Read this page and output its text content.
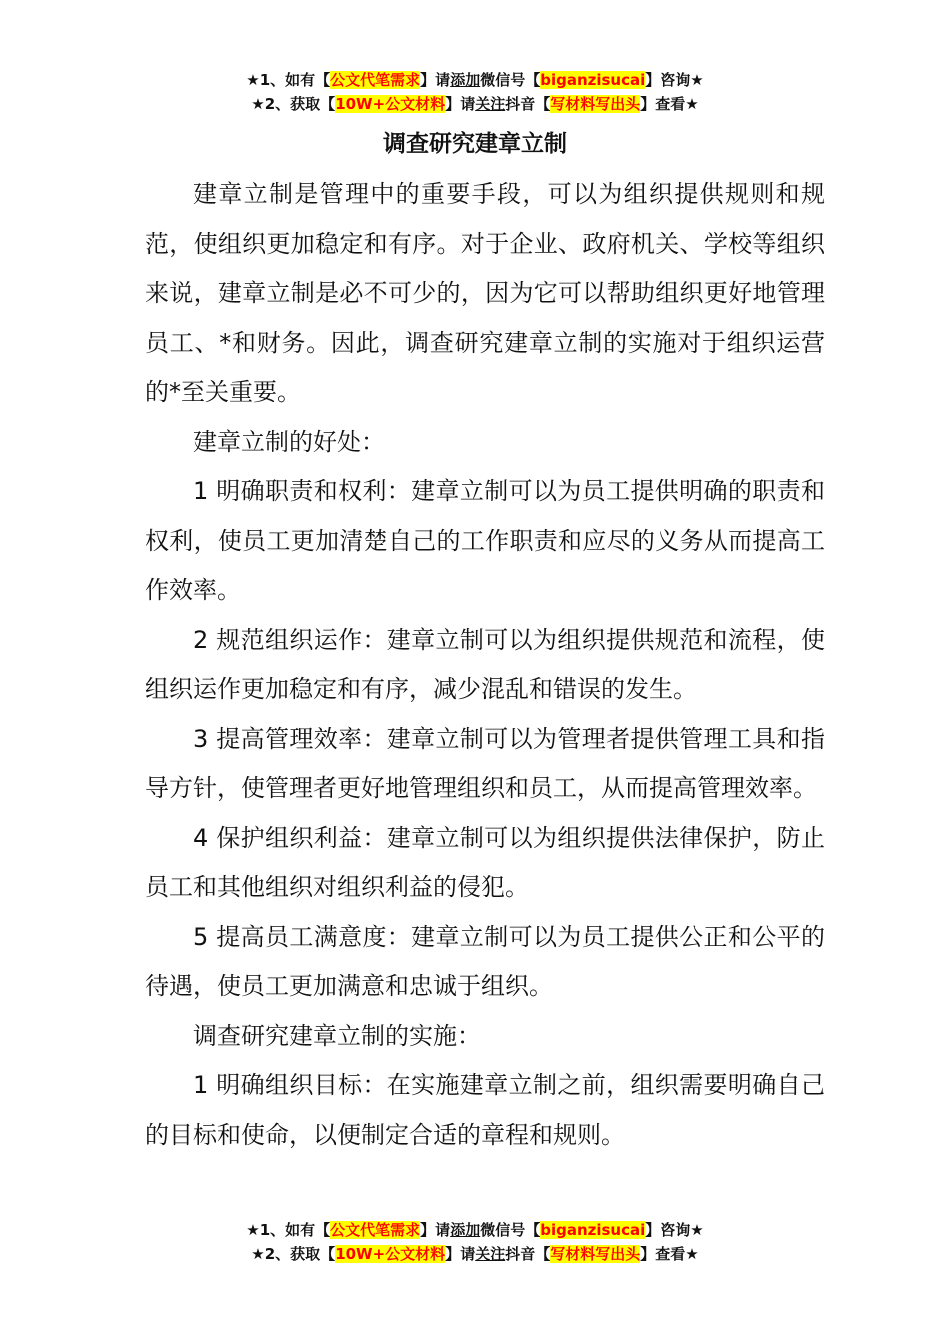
★1、如有【公文代笔需求】请添加微信号【biganzisucai】咨询★
★2、获取【10W+公文材料】请关注抖音【写材料写出头】查看★
调查研究建章立制

建章立制是管理中的重要手段，可以为组织提供规则和规范，使组织更加稳定和有序。对于企业、政府机关、学校等组织来说，建章立制是必不可少的，因为它可以帮助组织更好地管理员工、*和财务。因此，调查研究建章立制的实施对于组织运营的*至关重要。

建章立制的好处：

1 明确职责和权利：建章立制可以为员工提供明确的职责和权利，使员工更加清楚自己的工作职责和应尽的义务从而提高工作效率。

2 规范组织运作：建章立制可以为组织提供规范和流程，使组织运作更加稳定和有序，减少混乱和错误的发生。

3 提高管理效率：建章立制可以为管理者提供管理工具和指导方针，使管理者更好地管理组织和员工，从而提高管理效率。

4 保护组织利益：建章立制可以为组织提供法律保护，防止员工和其他组织对组织利益的侵犯。

5 提高员工满意度：建章立制可以为员工提供公正和公平的待遇，使员工更加满意和忠诚于组织。

调查研究建章立制的实施：

1 明确组织目标：在实施建章立制之前，组织需要明确自己的目标和使命，以便制定合适的章程和规则。

★1、如有【公文代笔需求】请添加微信号【biganzisucai】咨询★
★2、获取【10W+公文材料】请关注抖音【写材料写出头】查看★
